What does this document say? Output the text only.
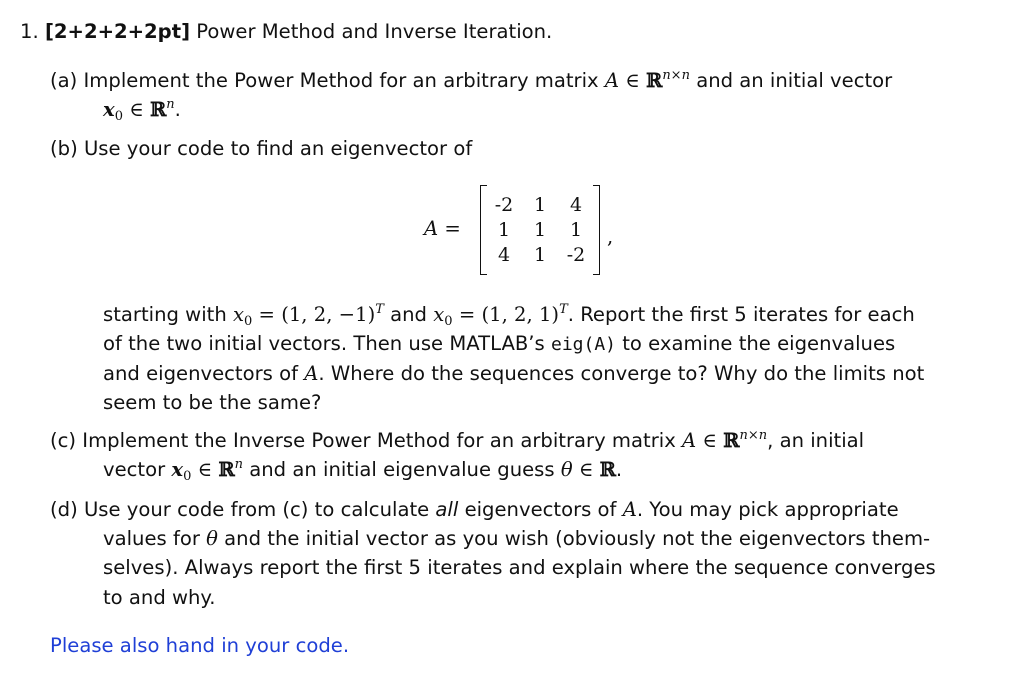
1. [2+2+2+2pt] Power Method and Inverse Iteration.
(a) Implement the Power Method for an arbitrary matrix A ∈ ℝ$^{n\times n}$ and an initial vector
$x_0$ ∈ ℝ$^n$.
(b) Use your code to find an eigenvector of
A =
-2	1	4
1	1	1
4	1	-2
,
starting with $x_0 = (1$, 2, −1)$^T$ and $x_0 = (1$, 2, 1)$^T$. Report the first 5 iterates for each
of the two initial vectors. Then use MATLAB’s eig(A) to examine the eigenvalues
and eigenvectors of A. Where do the sequences converge to? Why do the limits not
seem to be the same?
(c) Implement the Inverse Power Method for an arbitrary matrix A ∈ ℝ$^{n\times n}$, an initial
vector $x_0$ ∈ ℝ$^n$ and an initial eigenvalue guess θ ∈ ℝ.
(d) Use your code from (c) to calculate all eigenvectors of A. You may pick appropriate
values for θ and the initial vector as you wish (obviously not the eigenvectors them-
selves). Always report the first 5 iterates and explain where the sequence converges
to and why.
Please also hand in your code.
